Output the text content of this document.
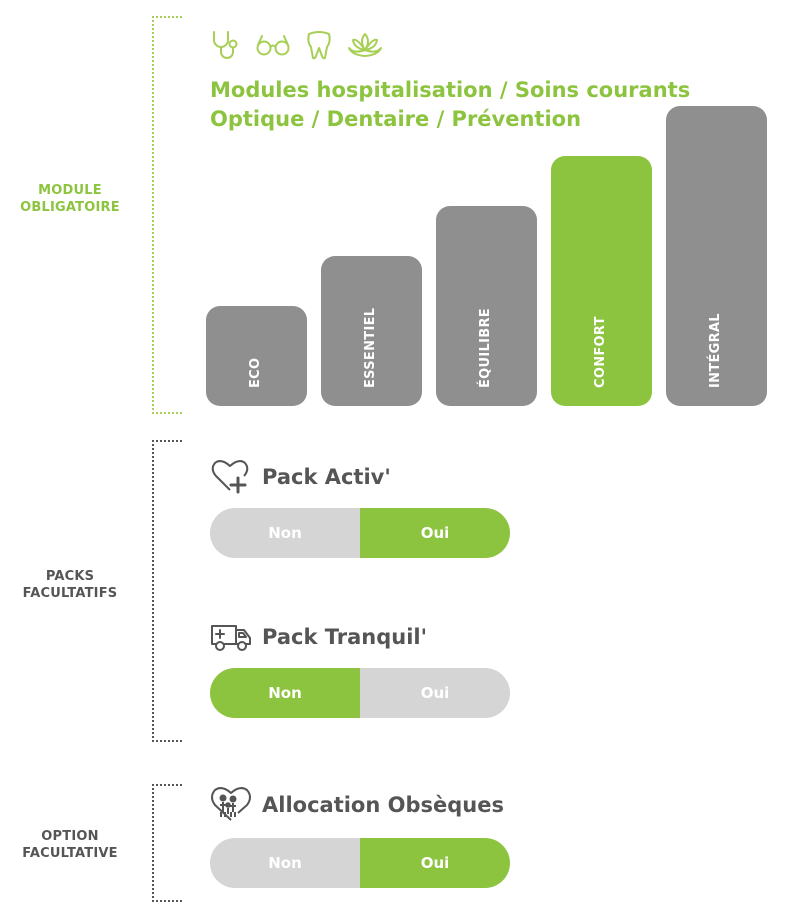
MODULE
OBLIGATOIRE
PACKS
FACULTATIFS
OPTION
FACULTATIVE
Modules hospitalisation / Soins courants
Optique / Dentaire / Prévention
ECO	ESSENTIEL	ÉQUILIBRE	CONFORT	INTÉGRAL
Pack Activ'
Non	Oui
Pack Tranquil'
Non	Oui
Allocation Obsèques
Non	Oui
